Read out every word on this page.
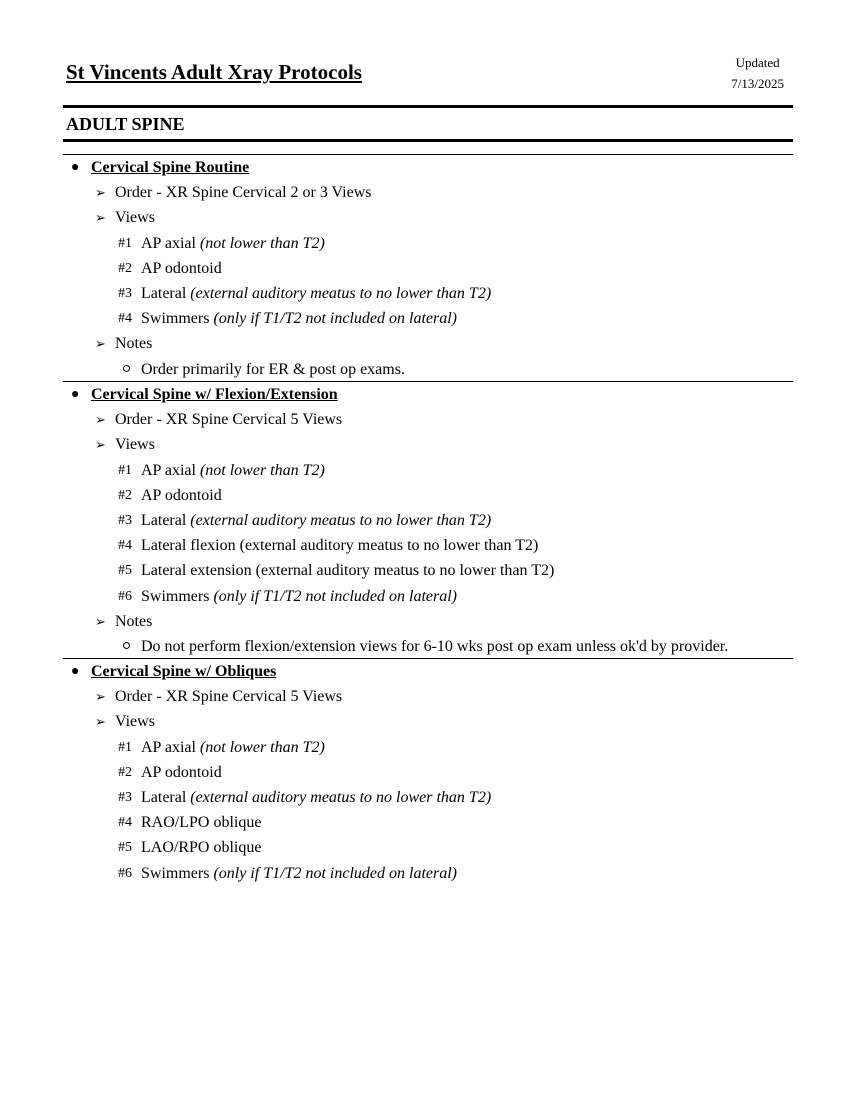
St Vincents Adult Xray Protocols	Updated
7/13/2025
ADULT SPINE
● Cervical Spine Routine
➢ Order - XR Spine Cervical 2 or 3 Views
➢ Views
#1 AP axial (not lower than T2)
#2 AP odontoid
#3 Lateral (external auditory meatus to no lower than T2)
#4 Swimmers (only if T1/T2 not included on lateral)
➢ Notes
Order primarily for ER & post op exams.
● Cervical Spine w/ Flexion/Extension
➢ Order - XR Spine Cervical 5 Views
➢ Views
#1 AP axial (not lower than T2)
#2 AP odontoid
#3 Lateral (external auditory meatus to no lower than T2)
#4 Lateral flexion (external auditory meatus to no lower than T2)
#5 Lateral extension (external auditory meatus to no lower than T2)
#6 Swimmers (only if T1/T2 not included on lateral)
➢ Notes
Do not perform flexion/extension views for 6-10 wks post op exam unless ok'd by provider.
● Cervical Spine w/ Obliques
➢ Order - XR Spine Cervical 5 Views
➢ Views
#1 AP axial (not lower than T2)
#2 AP odontoid
#3 Lateral (external auditory meatus to no lower than T2)
#4 RAO/LPO oblique
#5 LAO/RPO oblique
#6 Swimmers (only if T1/T2 not included on lateral)
